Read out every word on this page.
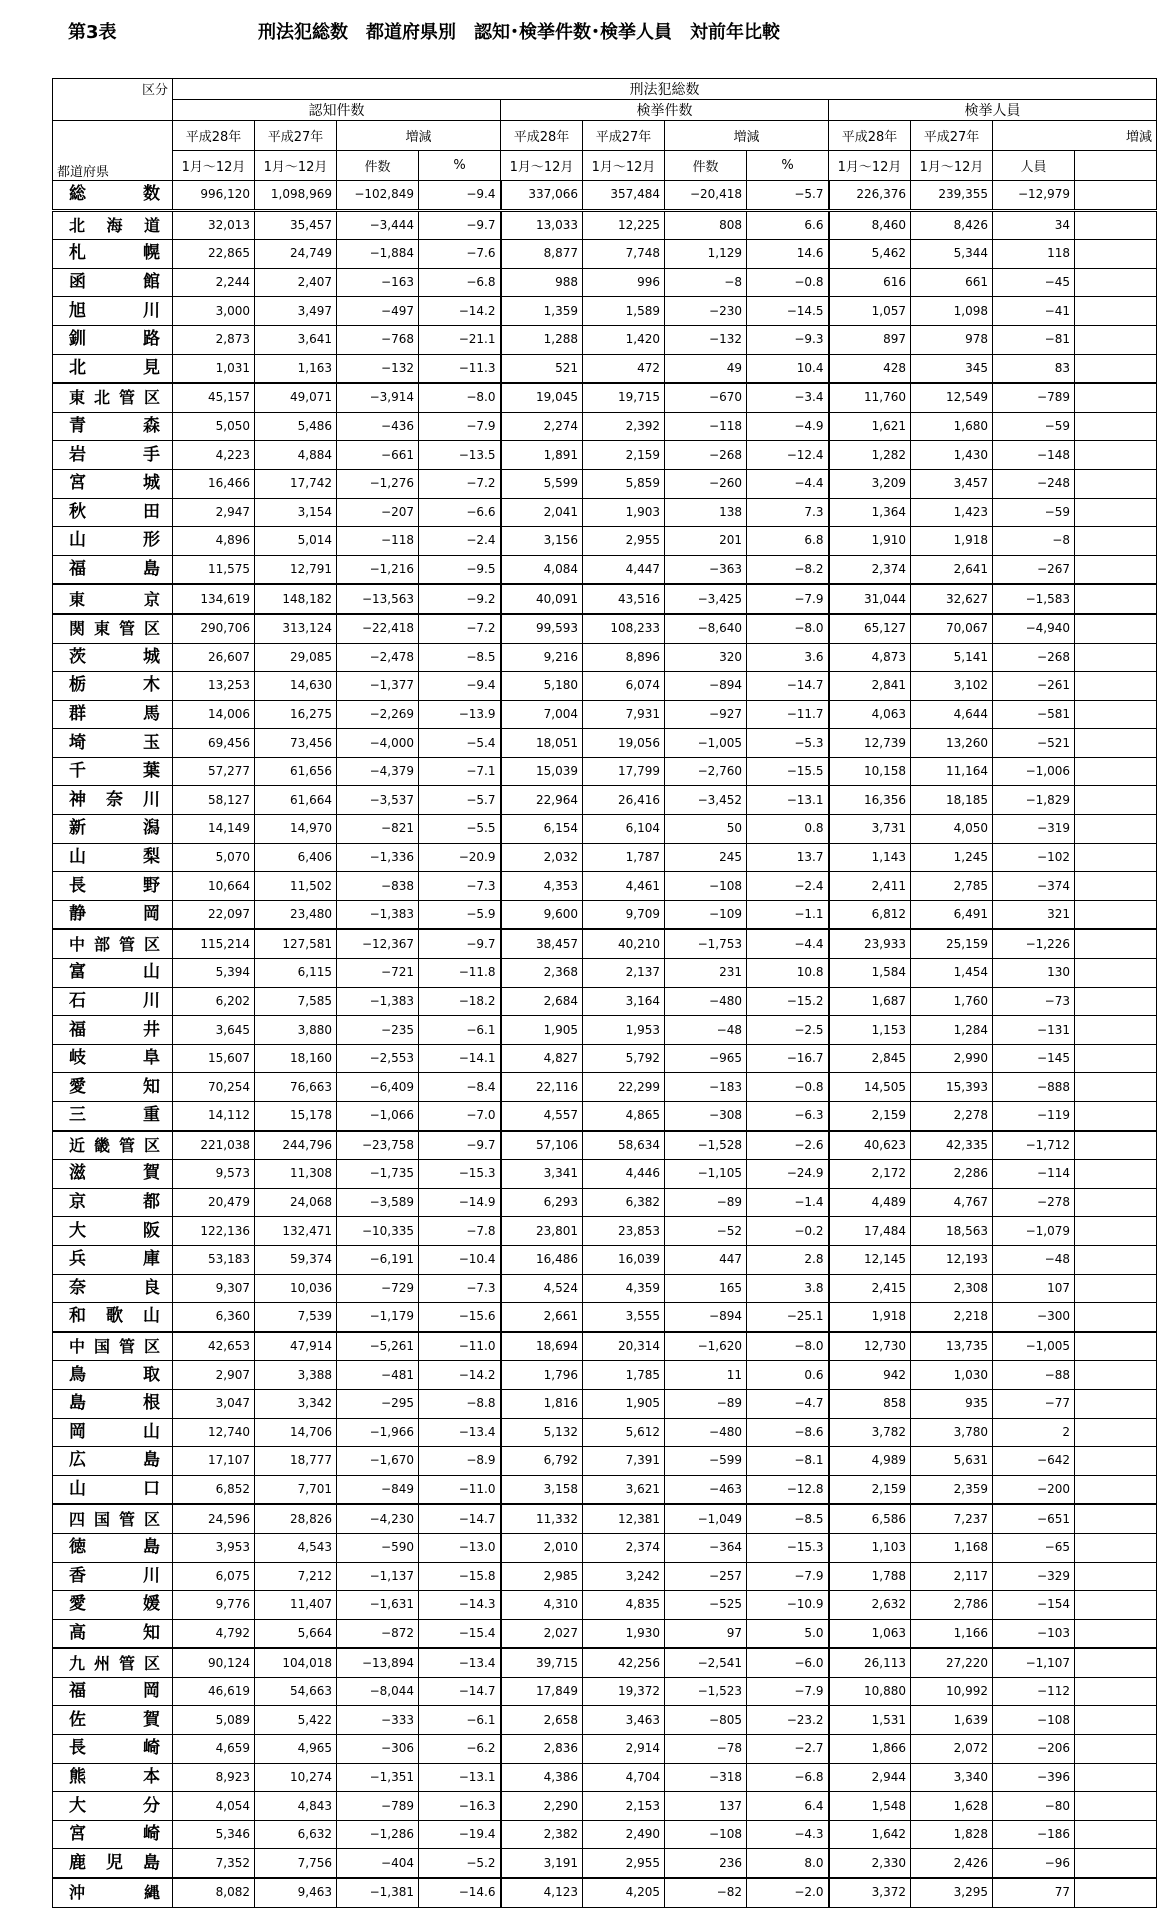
第3表	刑法犯総数　都道府県別　認知･検挙件数･検挙人員　対前年比較
区分	刑法犯総数											
	認知件数				検挙件数				検挙人員			
都道府県	平成28年	平成27年	増減		平成28年	平成27年	増減		平成28年	平成27年	増減	
	1月～12月	1月～12月	件数	%	1月～12月	1月～12月	件数	%	1月～12月	1月～12月	人員	
総数	996,120	1,098,969	−102,849	−9.4	337,066	357,484	−20,418	−5.7	226,376	239,355	−12,979	
北海道	32,013	35,457	−3,444	−9.7	13,033	12,225	808	6.6	8,460	8,426	34	
札幌	22,865	24,749	−1,884	−7.6	8,877	7,748	1,129	14.6	5,462	5,344	118	
函館	2,244	2,407	−163	−6.8	988	996	−8	−0.8	616	661	−45	
旭川	3,000	3,497	−497	−14.2	1,359	1,589	−230	−14.5	1,057	1,098	−41	
釧路	2,873	3,641	−768	−21.1	1,288	1,420	−132	−9.3	897	978	−81	
北見	1,031	1,163	−132	−11.3	521	472	49	10.4	428	345	83	
東北管区	45,157	49,071	−3,914	−8.0	19,045	19,715	−670	−3.4	11,760	12,549	−789	
青森	5,050	5,486	−436	−7.9	2,274	2,392	−118	−4.9	1,621	1,680	−59	
岩手	4,223	4,884	−661	−13.5	1,891	2,159	−268	−12.4	1,282	1,430	−148	
宮城	16,466	17,742	−1,276	−7.2	5,599	5,859	−260	−4.4	3,209	3,457	−248	
秋田	2,947	3,154	−207	−6.6	2,041	1,903	138	7.3	1,364	1,423	−59	
山形	4,896	5,014	−118	−2.4	3,156	2,955	201	6.8	1,910	1,918	−8	
福島	11,575	12,791	−1,216	−9.5	4,084	4,447	−363	−8.2	2,374	2,641	−267	
東京	134,619	148,182	−13,563	−9.2	40,091	43,516	−3,425	−7.9	31,044	32,627	−1,583	
関東管区	290,706	313,124	−22,418	−7.2	99,593	108,233	−8,640	−8.0	65,127	70,067	−4,940	
茨城	26,607	29,085	−2,478	−8.5	9,216	8,896	320	3.6	4,873	5,141	−268	
栃木	13,253	14,630	−1,377	−9.4	5,180	6,074	−894	−14.7	2,841	3,102	−261	
群馬	14,006	16,275	−2,269	−13.9	7,004	7,931	−927	−11.7	4,063	4,644	−581	
埼玉	69,456	73,456	−4,000	−5.4	18,051	19,056	−1,005	−5.3	12,739	13,260	−521	
千葉	57,277	61,656	−4,379	−7.1	15,039	17,799	−2,760	−15.5	10,158	11,164	−1,006	
神奈川	58,127	61,664	−3,537	−5.7	22,964	26,416	−3,452	−13.1	16,356	18,185	−1,829	
新潟	14,149	14,970	−821	−5.5	6,154	6,104	50	0.8	3,731	4,050	−319	
山梨	5,070	6,406	−1,336	−20.9	2,032	1,787	245	13.7	1,143	1,245	−102	
長野	10,664	11,502	−838	−7.3	4,353	4,461	−108	−2.4	2,411	2,785	−374	
静岡	22,097	23,480	−1,383	−5.9	9,600	9,709	−109	−1.1	6,812	6,491	321	
中部管区	115,214	127,581	−12,367	−9.7	38,457	40,210	−1,753	−4.4	23,933	25,159	−1,226	
富山	5,394	6,115	−721	−11.8	2,368	2,137	231	10.8	1,584	1,454	130	
石川	6,202	7,585	−1,383	−18.2	2,684	3,164	−480	−15.2	1,687	1,760	−73	
福井	3,645	3,880	−235	−6.1	1,905	1,953	−48	−2.5	1,153	1,284	−131	
岐阜	15,607	18,160	−2,553	−14.1	4,827	5,792	−965	−16.7	2,845	2,990	−145	
愛知	70,254	76,663	−6,409	−8.4	22,116	22,299	−183	−0.8	14,505	15,393	−888	
三重	14,112	15,178	−1,066	−7.0	4,557	4,865	−308	−6.3	2,159	2,278	−119	
近畿管区	221,038	244,796	−23,758	−9.7	57,106	58,634	−1,528	−2.6	40,623	42,335	−1,712	
滋賀	9,573	11,308	−1,735	−15.3	3,341	4,446	−1,105	−24.9	2,172	2,286	−114	
京都	20,479	24,068	−3,589	−14.9	6,293	6,382	−89	−1.4	4,489	4,767	−278	
大阪	122,136	132,471	−10,335	−7.8	23,801	23,853	−52	−0.2	17,484	18,563	−1,079	
兵庫	53,183	59,374	−6,191	−10.4	16,486	16,039	447	2.8	12,145	12,193	−48	
奈良	9,307	10,036	−729	−7.3	4,524	4,359	165	3.8	2,415	2,308	107	
和歌山	6,360	7,539	−1,179	−15.6	2,661	3,555	−894	−25.1	1,918	2,218	−300	
中国管区	42,653	47,914	−5,261	−11.0	18,694	20,314	−1,620	−8.0	12,730	13,735	−1,005	
鳥取	2,907	3,388	−481	−14.2	1,796	1,785	11	0.6	942	1,030	−88	
島根	3,047	3,342	−295	−8.8	1,816	1,905	−89	−4.7	858	935	−77	
岡山	12,740	14,706	−1,966	−13.4	5,132	5,612	−480	−8.6	3,782	3,780	2	
広島	17,107	18,777	−1,670	−8.9	6,792	7,391	−599	−8.1	4,989	5,631	−642	
山口	6,852	7,701	−849	−11.0	3,158	3,621	−463	−12.8	2,159	2,359	−200	
四国管区	24,596	28,826	−4,230	−14.7	11,332	12,381	−1,049	−8.5	6,586	7,237	−651	
徳島	3,953	4,543	−590	−13.0	2,010	2,374	−364	−15.3	1,103	1,168	−65	
香川	6,075	7,212	−1,137	−15.8	2,985	3,242	−257	−7.9	1,788	2,117	−329	
愛媛	9,776	11,407	−1,631	−14.3	4,310	4,835	−525	−10.9	2,632	2,786	−154	
高知	4,792	5,664	−872	−15.4	2,027	1,930	97	5.0	1,063	1,166	−103	
九州管区	90,124	104,018	−13,894	−13.4	39,715	42,256	−2,541	−6.0	26,113	27,220	−1,107	
福岡	46,619	54,663	−8,044	−14.7	17,849	19,372	−1,523	−7.9	10,880	10,992	−112	
佐賀	5,089	5,422	−333	−6.1	2,658	3,463	−805	−23.2	1,531	1,639	−108	
長崎	4,659	4,965	−306	−6.2	2,836	2,914	−78	−2.7	1,866	2,072	−206	
熊本	8,923	10,274	−1,351	−13.1	4,386	4,704	−318	−6.8	2,944	3,340	−396	
大分	4,054	4,843	−789	−16.3	2,290	2,153	137	6.4	1,548	1,628	−80	
宮崎	5,346	6,632	−1,286	−19.4	2,382	2,490	−108	−4.3	1,642	1,828	−186	
鹿児島	7,352	7,756	−404	−5.2	3,191	2,955	236	8.0	2,330	2,426	−96	
沖縄	8,082	9,463	−1,381	−14.6	4,123	4,205	−82	−2.0	3,372	3,295	77	
